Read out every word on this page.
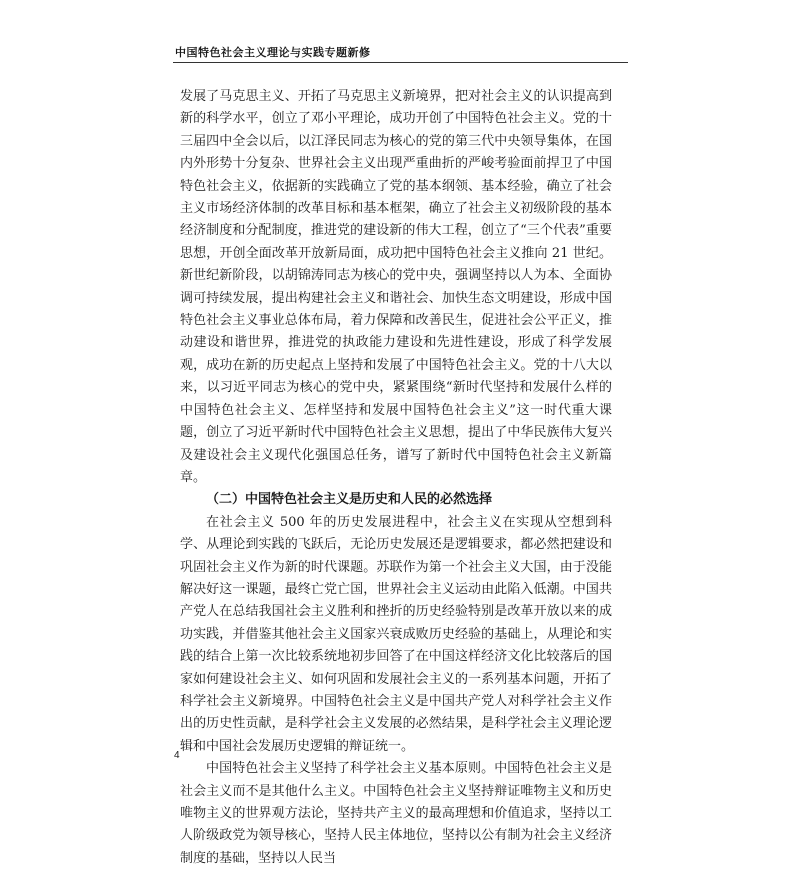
中国特色社会主义理论与实践专题新修

发展了马克思主义、开拓了马克思主义新境界，把对社会主义的认识提高到新的科学水平，创立了邓小平理论，成功开创了中国特色社会主义。党的十三届四中全会以后，以江泽民同志为核心的党的第三代中央领导集体，在国内外形势十分复杂、世界社会主义出现严重曲折的严峻考验面前捍卫了中国特色社会主义，依据新的实践确立了党的基本纲领、基本经验，确立了社会主义市场经济体制的改革目标和基本框架，确立了社会主义初级阶段的基本经济制度和分配制度，推进党的建设新的伟大工程，创立了“三个代表”重要思想，开创全面改革开放新局面，成功把中国特色社会主义推向 21 世纪。新世纪新阶段，以胡锦涛同志为核心的党中央，强调坚持以人为本、全面协调可持续发展，提出构建社会主义和谐社会、加快生态文明建设，形成中国特色社会主义事业总体布局，着力保障和改善民生，促进社会公平正义，推动建设和谐世界，推进党的执政能力建设和先进性建设，形成了科学发展观，成功在新的历史起点上坚持和发展了中国特色社会主义。党的十八大以来，以习近平同志为核心的党中央，紧紧围绕“新时代坚持和发展什么样的中国特色社会主义、怎样坚持和发展中国特色社会主义”这一时代重大课题，创立了习近平新时代中国特色社会主义思想，提出了中华民族伟大复兴及建设社会主义现代化强国总任务，谱写了新时代中国特色社会主义新篇章。

（二）中国特色社会主义是历史和人民的必然选择

在社会主义 500 年的历史发展进程中，社会主义在实现从空想到科学、从理论到实践的飞跃后，无论历史发展还是逻辑要求，都必然把建设和巩固社会主义作为新的时代课题。苏联作为第一个社会主义大国，由于没能解决好这一课题，最终亡党亡国，世界社会主义运动由此陷入低潮。中国共产党人在总结我国社会主义胜利和挫折的历史经验特别是改革开放以来的成功实践，并借鉴其他社会主义国家兴衰成败历史经验的基础上，从理论和实践的结合上第一次比较系统地初步回答了在中国这样经济文化比较落后的国家如何建设社会主义、如何巩固和发展社会主义的一系列基本问题，开拓了科学社会主义新境界。中国特色社会主义是中国共产党人对科学社会主义作出的历史性贡献，是科学社会主义发展的必然结果，是科学社会主义理论逻辑和中国社会发展历史逻辑的辩证统一。

中国特色社会主义坚持了科学社会主义基本原则。中国特色社会主义是社会主义而不是其他什么主义。中国特色社会主义坚持辩证唯物主义和历史唯物主义的世界观方法论，坚持共产主义的最高理想和价值追求，坚持以工人阶级政党为领导核心，坚持人民主体地位，坚持以公有制为社会主义经济制度的基础，坚持以人民当

4
